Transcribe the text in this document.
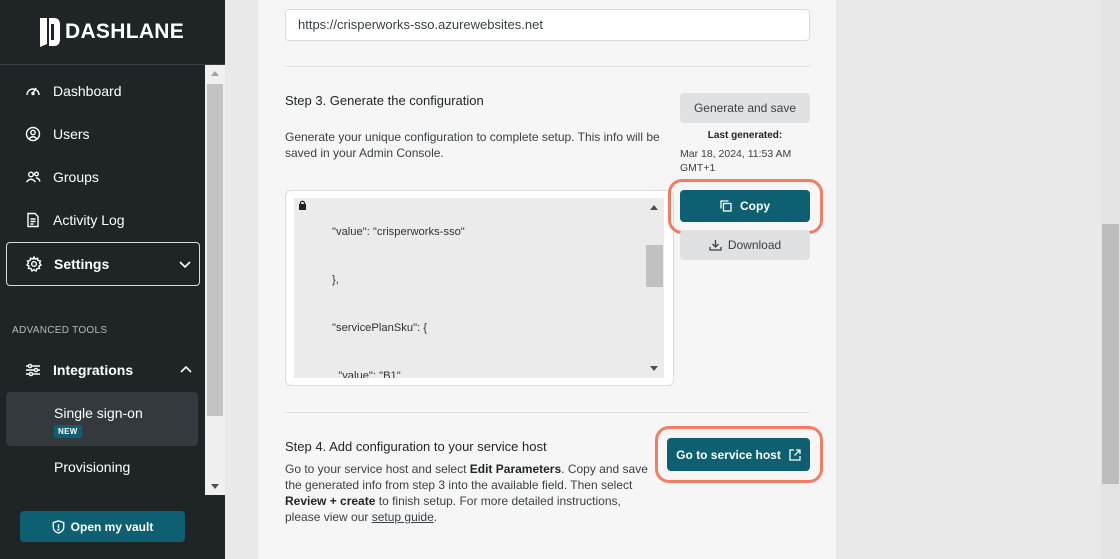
DASHLANE
Dashboard
Users
Groups
Activity Log
Settings
ADVANCED TOOLS
Integrations
Single sign-on
NEW
Provisioning
Open my vault
https://crisperworks-sso.azurewebsites.net
Step 3. Generate the configuration
Generate your unique configuration to complete setup. This info will be saved in your Admin Console.
Generate and save
Last generated:
Mar 18, 2024, 11:53 AM GMT+1

"value": "crisperworks-sso"

},

"servicePlanSku": {

"value": "B1"

Copy
Download
Step 4. Add configuration to your service host
Go to your service host and select Edit Parameters. Copy and save the generated info from step 3 into the available field. Then select Review + create to finish setup. For more detailed instructions, please view our setup guide.
Go to service host
